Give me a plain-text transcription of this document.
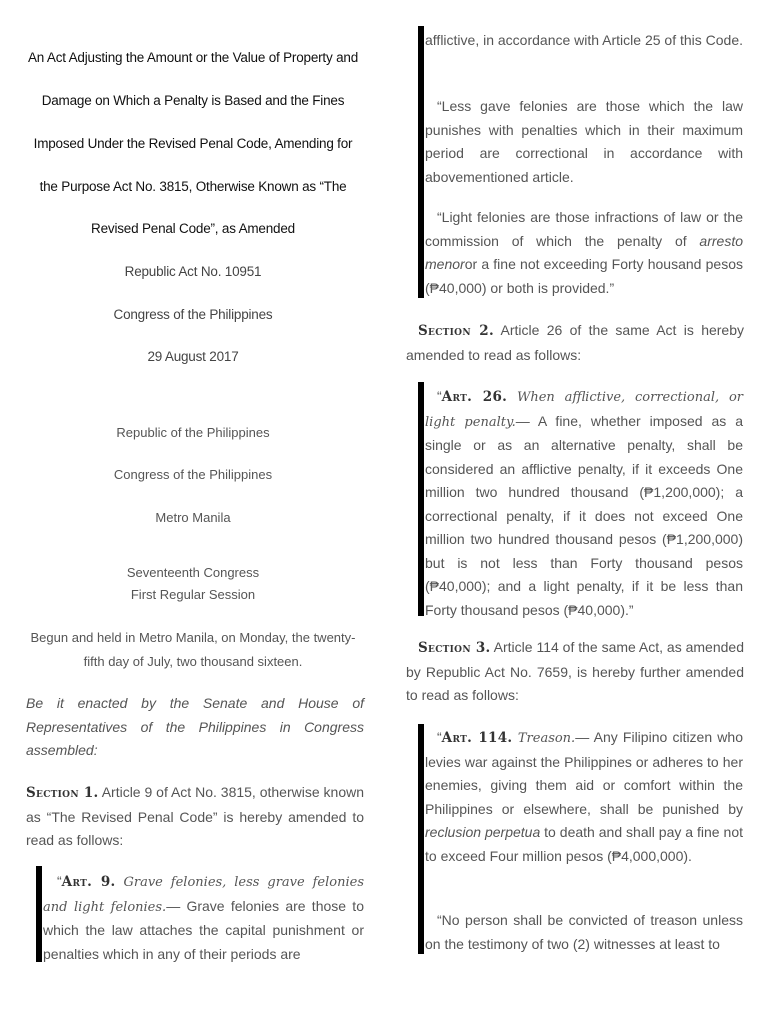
An Act Adjusting the Amount or the Value of Property and
Damage on Which a Penalty is Based and the Fines
Imposed Under the Revised Penal Code, Amending for
the Purpose Act No. 3815, Otherwise Known as “The
Revised Penal Code”, as Amended
Republic Act No. 10951
Congress of the Philippines
29 August 2017
Republic of the Philippines
Congress of the Philippines
Metro Manila
Seventeenth Congress
First Regular Session
Begun and held in Metro Manila, on Monday, the twenty-
fifth day of July, two thousand sixteen.
Be it enacted by the Senate and House of Representatives of the Philippines in Congress assembled:
Section 1. Article 9 of Act No. 3815, otherwise known as “The Revised Penal Code” is hereby amended to read as follows:
“Art. 9. Grave felonies, less grave felonies and light felonies.— Grave felonies are those to which the law attaches the capital punishment or penalties which in any of their periods are
afflictive, in accordance with Article 25 of this Code.
“Less gave felonies are those which the law punishes with penalties which in their maximum period are correctional in accordance with abovementioned article.
“Light felonies are those infractions of law or the commission of which the penalty of arresto menoror a fine not exceeding Forty housand pesos (₱40,000) or both is provided.”
Section 2. Article 26 of the same Act is hereby amended to read as follows:
“Art. 26. When afflictive, correctional, or light penalty.— A fine, whether imposed as a single or as an alternative penalty, shall be considered an afflictive penalty, if it exceeds One million two hundred thousand (₱1,200,000); a correctional penalty, if it does not exceed One million two hundred thousand pesos (₱1,200,000) but is not less than Forty thousand pesos (₱40,000); and a light penalty, if it be less than Forty thousand pesos (₱40,000).”
Section 3. Article 114 of the same Act, as amended by Republic Act No. 7659, is hereby further amended to read as follows:
“Art. 114. Treason.— Any Filipino citizen who levies war against the Philippines or adheres to her enemies, giving them aid or comfort within the Philippines or elsewhere, shall be punished by reclusion perpetua to death and shall pay a fine not to exceed Four million pesos (₱4,000,000).
“No person shall be convicted of treason unless on the testimony of two (2) witnesses at least to
